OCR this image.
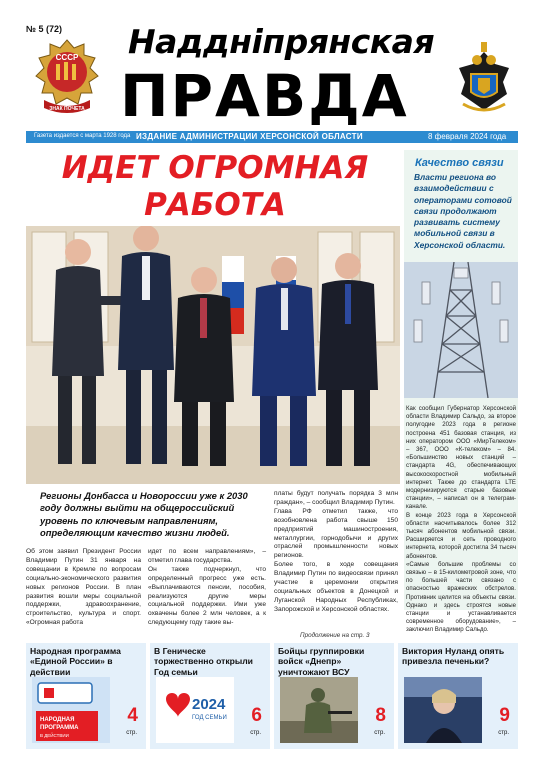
№ 5 (72)
СССР
ЗНАК ПОЧЕТА
Наддніпрянская
ПРАВДА
Газета издается с марта 1928 года ИЗДАНИЕ АДМИНИСТРАЦИИ ХЕРСОНСКОЙ ОБЛАСТИ	8 февраля 2024 года
ИДЕТ ОГРОМНАЯ
РАБОТА
Качество связи
Власти региона во взаимодействии с операторами сотовой связи продолжают развивать систему мобильной связи в Херсонской области.
Как сообщил Губернатор Херсонской области Владимир Сальдо, за второе полугодие 2023 года в регионе построена 451 базовая станция, из них оператором ООО «МирТелеком» – 367, ООО «К-телеком» – 84. «Большинство новых станций – стандарта 4G, обеспечивающих высокоскоростной мобильный интернет. Также до стандарта LTE модернизируются старые базовые станции», – написал он в телеграм-канале.
В конце 2023 года в Херсонской области насчитывалось более 312 тысяч абонентов мобильной связи. Расширяется и сеть проводного интернета, которой достигла 34 тысяч абонентов.
«Самые большие проблемы со связью – в 15-километровой зоне, что по большей части связано с опасностью вражеских обстрелов. Противник целится на объекты связи. Однако и здесь строятся новые станции и устанавливается современное оборудование», – заключил Владимир Сальдо.
Регионы Донбасса и Новороссии уже к 2030 году должны выйти на общероссийский уровень по ключевым направлениям, определяющим качество жизни людей.
Об этом заявил Президент России Владимир Путин 31 января на совещании в Кремле по вопросам социально-экономического развития новых регионов России. В план развития вошли меры социальной поддержки, здравоохранение, строительство, культура и спорт. «Огромная работа
идет по всем направлениям», – отметил глава государства.
Он также подчеркнул, что определенный прогресс уже есть. «Выплачиваются пенсии, пособия, реализуются другие меры социальной поддержки. Ими уже охвачены более 2 млн человек, а к следующему году такие вы-
платы будут получать порядка 3 млн граждан», – сообщил Владимир Путин.
Глава РФ отметил также, что возобновлена работа свыше 150 предприятий машиностроения, металлургии, горнодобычи и других отраслей промышленности новых регионов.
Более того, в ходе совещания Владимир Путин по видеосвязи принял участие в церемонии открытия социальных объектов в Донецкой и Луганской Народных Республиках, Запорожской и Херсонской областях.
Продолжение на стр. 3
Народная программа «Единой России» в действии
НАРОДНАЯ
ПРОГРАММА
В ДЕЙСТВИИ
4
стр.
В Геническе торжественно открыли Год семьи
2024
ГОД СЕМЬИ 6
стр.
Бойцы группировки войск «Днепр» уничтожают ВСУ
8
стр.
Виктория Нуланд опять привезла печеньки?
9
стр.
